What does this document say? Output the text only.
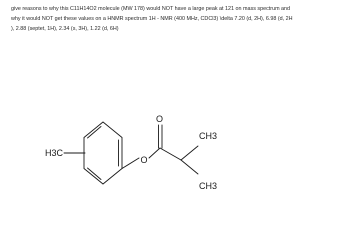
give reasons to why this C11H14O2 molecule (MW 178) would NOT have a large peak at 121 on mass spectrum and
why it would NOT get these values on a HNMR spectrum 1H - NMR (400 MHz, CDCl3) \delta 7.20 (d, 2H), 6.98 (d, 2H
), 2.88 (septet, 1H), 2.34 (s, 3H), 1.22 (d, 6H)
H3C
O
O
CH3
CH3
